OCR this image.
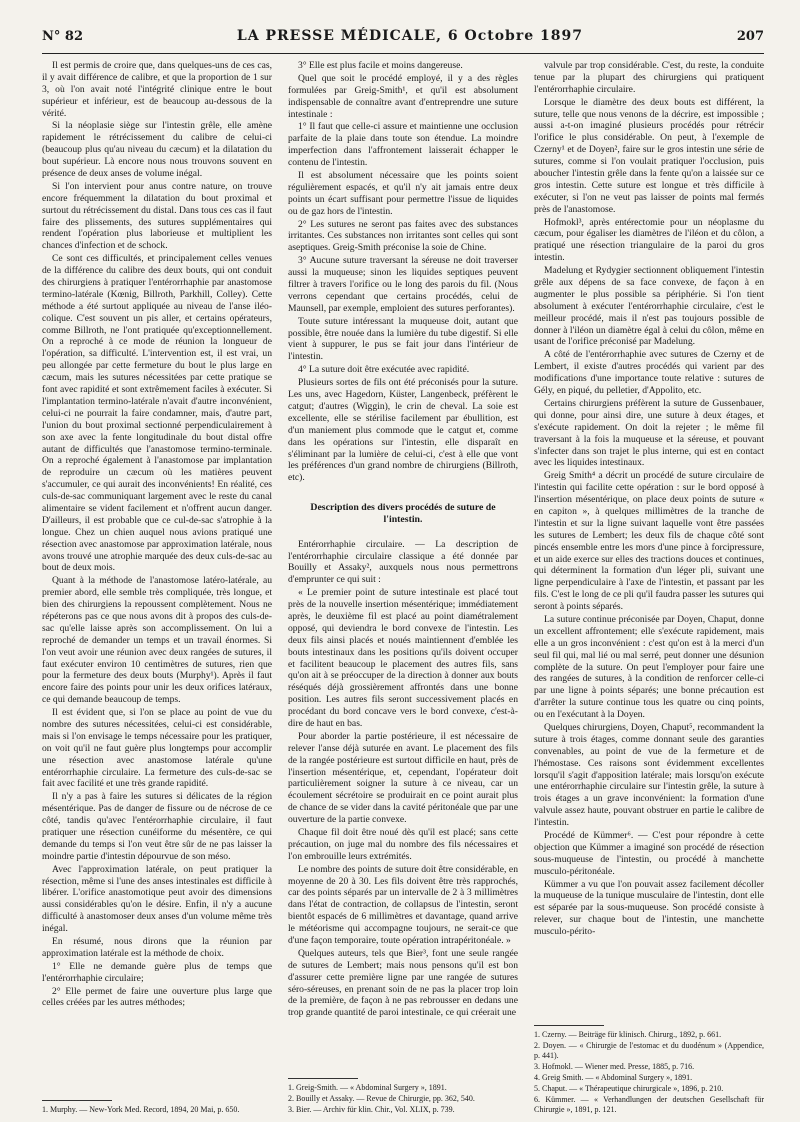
N° 82	LA PRESSE MÉDICALE, 6 Octobre 1897	207

Il est permis de croire que, dans quelques-uns de ces cas, il y avait différence de calibre, et que la proportion de 1 sur 3, où l'on avait noté l'intégrité clinique entre le bout supérieur et inférieur, est de beaucoup au-dessous de la vérité.

Si la néoplasie siège sur l'intestin grêle, elle amène rapidement le rétrécissement du calibre de celui-ci (beaucoup plus qu'au niveau du cæcum) et la dilatation du bout supérieur. Là encore nous nous trouvons souvent en présence de deux anses de volume inégal.

Si l'on intervient pour anus contre nature, on trouve encore fréquemment la dilatation du bout proximal et surtout du rétrécissement du distal. Dans tous ces cas il faut faire des plissements, des sutures supplémentaires qui rendent l'opération plus laborieuse et multiplient les chances d'infection et de schock.

Ce sont ces difficultés, et principalement celles venues de la différence du calibre des deux bouts, qui ont conduit des chirurgiens à pratiquer l'entérorrhaphie par anastomose termino-latérale (Kœnig, Billroth, Parkhill, Colley). Cette méthode a été surtout appliquée au niveau de l'anse iléo-colique. C'est souvent un pis aller, et certains opérateurs, comme Billroth, ne l'ont pratiquée qu'exceptionnellement. On a reproché à ce mode de réunion la longueur de l'opération, sa difficulté. L'intervention est, il est vrai, un peu allongée par cette fermeture du bout le plus large en cæcum, mais les sutures nécessitées par cette pratique se font avec rapidité et sont extrêmement faciles à exécuter. Si l'implantation termino-latérale n'avait d'autre inconvénient, celui-ci ne pourrait la faire condamner, mais, d'autre part, l'union du bout proximal sectionné perpendiculairement à son axe avec la fente longitudinale du bout distal offre autant de difficultés que l'anastomose termino-terminale. On a reproché également à l'anastomose par implantation de reproduire un cæcum où les matières peuvent s'accumuler, ce qui aurait des inconvénients! En réalité, ces culs-de-sac communiquant largement avec le reste du canal alimentaire se vident facilement et n'offrent aucun danger. D'ailleurs, il est probable que ce cul-de-sac s'atrophie à la longue. Chez un chien auquel nous avions pratiqué une résection avec anastomose par approximation latérale, nous avons trouvé une atrophie marquée des deux culs-de-sac au bout de deux mois.

Quant à la méthode de l'anastomose latéro-latérale, au premier abord, elle semble très compliquée, très longue, et bien des chirurgiens la repoussent complètement. Nous ne répéterons pas ce que nous avons dit à propos des culs-de-sac qu'elle laisse après son accomplissement. On lui a reproché de demander un temps et un travail énormes. Si l'on veut avoir une réunion avec deux rangées de sutures, il faut exécuter environ 10 centimètres de sutures, rien que pour la fermeture des deux bouts (Murphy¹). Après il faut encore faire des points pour unir les deux orifices latéraux, ce qui demande beaucoup de temps.

Il est évident que, si l'on se place au point de vue du nombre des sutures nécessitées, celui-ci est considérable, mais si l'on envisage le temps nécessaire pour les pratiquer, on voit qu'il ne faut guère plus longtemps pour accomplir une résection avec anastomose latérale qu'une entérorrhaphie circulaire. La fermeture des culs-de-sac se fait avec facilité et une très grande rapidité.

Il n'y a pas à faire les sutures si délicates de la région mésentérique. Pas de danger de fissure ou de nécrose de ce côté, tandis qu'avec l'entérorrhaphie circulaire, il faut pratiquer une résection cunéiforme du mésentère, ce qui demande du temps si l'on veut être sûr de ne pas laisser la moindre partie d'intestin dépourvue de son méso.

Avec l'approximation latérale, on peut pratiquer la résection, même si l'une des anses intestinales est difficile à libérer. L'orifice anastomotique peut avoir des dimensions aussi considérables qu'on le désire. Enfin, il n'y a aucune difficulté à anastomoser deux anses d'un volume même très inégal.

En résumé, nous dirons que la réunion par approximation latérale est la méthode de choix.

1° Elle ne demande guère plus de temps que l'entérorrhaphie circulaire;

2° Elle permet de faire une ouverture plus large que celles créées par les autres méthodes;

1. Murphy. — New-York Med. Record, 1894, 20 Mai, p. 650.

3° Elle est plus facile et moins dangereuse.

Quel que soit le procédé employé, il y a des règles formulées par Greig-Smith¹, et qu'il est absolument indispensable de connaître avant d'entreprendre une suture intestinale :

1° Il faut que celle-ci assure et maintienne une occlusion parfaite de la plaie dans toute son étendue. La moindre imperfection dans l'affrontement laisserait échapper le contenu de l'intestin.

Il est absolument nécessaire que les points soient régulièrement espacés, et qu'il n'y ait jamais entre deux points un écart suffisant pour permettre l'issue de liquides ou de gaz hors de l'intestin.

2° Les sutures ne seront pas faites avec des substances irritantes. Ces substances non irritantes sont celles qui sont aseptiques. Greig-Smith préconise la soie de Chine.

3° Aucune suture traversant la séreuse ne doit traverser aussi la muqueuse; sinon les liquides septiques peuvent filtrer à travers l'orifice ou le long des parois du fil. (Nous verrons cependant que certains procédés, celui de Maunsell, par exemple, emploient des sutures perforantes).

Toute suture intéressant la muqueuse doit, autant que possible, être nouée dans la lumière du tube digestif. Si elle vient à suppurer, le pus se fait jour dans l'intérieur de l'intestin.

4° La suture doit être exécutée avec rapidité.

Plusieurs sortes de fils ont été préconisés pour la suture. Les uns, avec Hagedorn, Küster, Langenbeck, préfèrent le catgut; d'autres (Wiggin), le crin de cheval. La soie est excellente, elle se stérilise facilement par ébullition, est d'un maniement plus commode que le catgut et, comme dans les opérations sur l'intestin, elle disparaît en s'éliminant par la lumière de celui-ci, c'est à elle que vont les préférences d'un grand nombre de chirurgiens (Billroth, etc).

Description des divers procédés de suture de l'intestin.

Entérorrhaphie circulaire. — La description de l'entérorrhaphie circulaire classique a été donnée par Bouilly et Assaky², auxquels nous nous permettrons d'emprunter ce qui suit :

« Le premier point de suture intestinale est placé tout près de la nouvelle insertion mésentérique; immédiatement après, le deuxième fil est placé au point diamétralement opposé, qui deviendra le bord convexe de l'intestin. Les deux fils ainsi placés et noués maintiennent d'emblée les bouts intestinaux dans les positions qu'ils doivent occuper et facilitent beaucoup le placement des autres fils, sans qu'on ait à se préoccuper de la direction à donner aux bouts réséqués déjà grossièrement affrontés dans une bonne position. Les autres fils seront successivement placés en procédant du bord concave vers le bord convexe, c'est-à-dire de haut en bas.

Pour aborder la partie postérieure, il est nécessaire de relever l'anse déjà suturée en avant. Le placement des fils de la rangée postérieure est surtout difficile en haut, près de l'insertion mésentérique, et, cependant, l'opérateur doit particulièrement soigner la suture à ce niveau, car un écoulement sécrétoire se produirait en ce point aurait plus de chance de se vider dans la cavité péritonéale que par une ouverture de la partie convexe.

Chaque fil doit être noué dès qu'il est placé; sans cette précaution, on juge mal du nombre des fils nécessaires et l'on embrouille leurs extrémités.

Le nombre des points de suture doit être considérable, en moyenne de 20 à 30. Les fils doivent être très rapprochés, car des points séparés par un intervalle de 2 à 3 millimètres dans l'état de contraction, de collapsus de l'intestin, seront bientôt espacés de 6 millimètres et davantage, quand arrive le météorisme qui accompagne toujours, ne serait-ce que d'une façon temporaire, toute opération intrapéritonéale. »

Quelques auteurs, tels que Bier³, font une seule rangée de sutures de Lembert; mais nous pensons qu'il est bon d'assurer cette première ligne par une rangée de sutures séro-séreuses, en prenant soin de ne pas la placer trop loin de la première, de façon à ne pas rebrousser en dedans une trop grande quantité de paroi intestinale, ce qui créerait une

1. Greig-Smith. — « Abdominal Surgery », 1891.
2. Bouilly et Assaky. — Revue de Chirurgie, pp. 362, 540.
3. Bier. — Archiv für klin. Chir., Vol. XLIX, p. 739.

valvule par trop considérable. C'est, du reste, la conduite tenue par la plupart des chirurgiens qui pratiquent l'entérorrhaphie circulaire.

Lorsque le diamètre des deux bouts est différent, la suture, telle que nous venons de la décrire, est impossible ; aussi a-t-on imaginé plusieurs procédés pour rétrécir l'orifice le plus considérable. On peut, à l'exemple de Czerny¹ et de Doyen², faire sur le gros intestin une série de sutures, comme si l'on voulait pratiquer l'occlusion, puis aboucher l'intestin grêle dans la fente qu'on a laissée sur ce gros intestin. Cette suture est longue et très difficile à exécuter, si l'on ne veut pas laisser de points mal fermés près de l'anastomose.

Hofmokl³, après entérectomie pour un néoplasme du cæcum, pour égaliser les diamètres de l'iléon et du côlon, a pratiqué une résection triangulaire de la paroi du gros intestin.

Madelung et Rydygier sectionnent obliquement l'intestin grêle aux dépens de sa face convexe, de façon à en augmenter le plus possible sa périphérie. Si l'on tient absolument à exécuter l'entérorrhaphie circulaire, c'est le meilleur procédé, mais il n'est pas toujours possible de donner à l'iléon un diamètre égal à celui du côlon, même en usant de l'orifice préconisé par Madelung.

A côté de l'entérorrhaphie avec sutures de Czerny et de Lembert, il existe d'autres procédés qui varient par des modifications d'une importance toute relative : sutures de Gély, en piqué, du pelletier, d'Appolito, etc.

Certains chirurgiens préfèrent la suture de Gussenbauer, qui donne, pour ainsi dire, une suture à deux étages, et s'exécute rapidement. On doit la rejeter ; le même fil traversant à la fois la muqueuse et la séreuse, et pouvant s'infecter dans son trajet le plus interne, qui est en contact avec les liquides intestinaux.

Greig Smith⁴ a décrit un procédé de suture circulaire de l'intestin qui facilite cette opération : sur le bord opposé à l'insertion mésentérique, on place deux points de suture « en capiton », à quelques millimètres de la tranche de l'intestin et sur la ligne suivant laquelle vont être passées les sutures de Lembert; les deux fils de chaque côté sont pincés ensemble entre les mors d'une pince à forcipressure, et un aide exerce sur elles des tractions douces et continues, qui déterminent la formation d'un léger pli, suivant une ligne perpendiculaire à l'axe de l'intestin, et passant par les fils. C'est le long de ce pli qu'il faudra passer les sutures qui seront à points séparés.

La suture continue préconisée par Doyen, Chaput, donne un excellent affrontement; elle s'exécute rapidement, mais elle a un gros inconvénient : c'est qu'on est à la merci d'un seul fil qui, mal lié ou mal serré, peut donner une désunion complète de la suture. On peut l'employer pour faire une des rangées de sutures, à la condition de renforcer celle-ci par une ligne à points séparés; une bonne précaution est d'arrêter la suture continue tous les quatre ou cinq points, ou en l'exécutant à la Doyen.

Quelques chirurgiens, Doyen, Chaput⁵, recommandent la suture à trois étages, comme donnant seule des garanties convenables, au point de vue de la fermeture et de l'hémostase. Ces raisons sont évidemment excellentes lorsqu'il s'agit d'apposition latérale; mais lorsqu'on exécute une entérorrhaphie circulaire sur l'intestin grêle, la suture à trois étages a un grave inconvénient: la formation d'une valvule assez haute, pouvant obstruer en partie le calibre de l'intestin.

Procédé de Kümmer⁶. — C'est pour répondre à cette objection que Kümmer a imaginé son procédé de résection sous-muqueuse de l'intestin, ou procédé à manchette musculo-péritonéale.

Kümmer a vu que l'on pouvait assez facilement décoller la muqueuse de la tunique musculaire de l'intestin, dont elle est séparée par la sous-muqueuse. Son procédé consiste à relever, sur chaque bout de l'intestin, une manchette musculo-périto-

1. Czerny. — Beiträge für klinisch. Chirurg., 1892, p. 661.
2. Doyen. — « Chirurgie de l'estomac et du duodénum » (Appendice, p. 441).
3. Hofmokl. — Wiener med. Presse, 1885, p. 716.
4. Greig Smith. — « Abdominal Surgery », 1891.
5. Chaput. — « Thérapeutique chirurgicale », 1896, p. 210.
6. Kümmer. — « Verhandlungen der deutschen Gesellschaft für Chirurgie », 1891, p. 121.
